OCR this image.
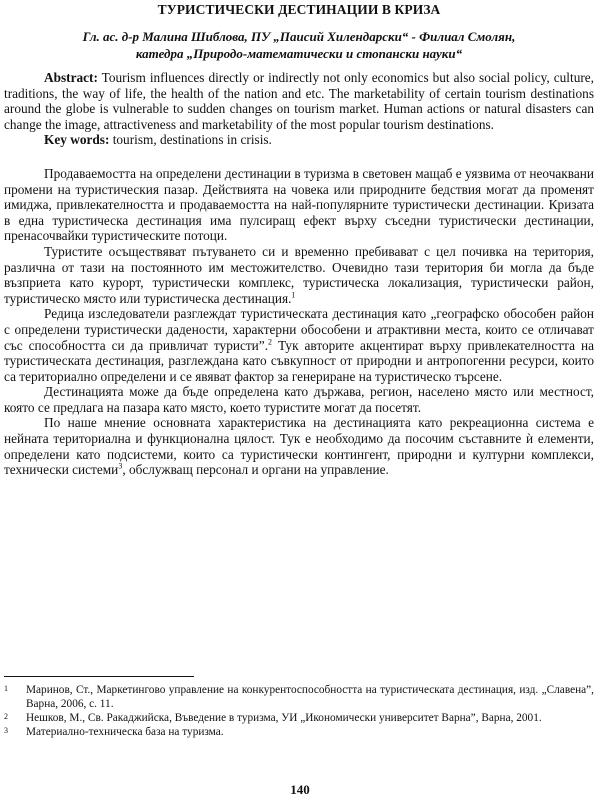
ТУРИСТИЧЕСКИ ДЕСТИНАЦИИ В КРИЗА
Гл. ас. д-р Малина Шиблова, ПУ „Паисий Хилендарски“ - Филиал Смолян,
катедра „Природо-математически и стопански науки“

Abstract: Tourism influences directly or indirectly not only economics but also social policy, culture, traditions, the way of life, the health of the nation and etc. The marketability of certain tourism destinations around the globe is vulnerable to sudden changes on tourism market. Human actions or natural disasters can change the image, attractiveness and marketability of the most popular tourism destinations.

Key words: tourism, destinations in crisis.

Продаваемостта на определени дестинации в туризма в световен мащаб е уязвима от неочаквани промени на туристическия пазар. Действията на човека или природните бедствия могат да променят имиджа, привлекателността и продаваемостта на най-популярните туристически дестинации. Кризата в една туристическа дестинация има пулсиращ ефект върху съседни туристически дестинации, пренасочвайки туристическите потоци.

Туристите осъществяват пътуването си и временно пребивават с цел почивка на територия, различна от тази на постоянното им местожителство. Очевидно тази територия би могла да бъде възприета като курорт, туристически комплекс, туристическа локализация, туристически район, туристическо място или туристическа дестинация.$^1$

Редица изследователи разглеждат туристическата дестинация като „географско обособен район с определени туристически дадености, характерни обособени и атрактивни места, които се отличават със способността си да привличат туристи”.$^2$ Тук авторите акцентират върху привлекателността на туристическата дестинация, разглеждана като съвкупност от природни и антропогенни ресурси, които са териториално определени и се явяват фактор за генериране на туристическо търсене.

Дестинацията може да бъде определена като държава, регион, населено място или местност, която се предлага на пазара като място, което туристите могат да посетят.

По наше мнение основната характеристика на дестинацията като рекреационна система е нейната териториална и функционална цялост. Тук е необходимо да посочим съставните ѝ елементи, определени като подсистеми, които са туристически контингент, природни и културни комплекси, технически системи$^3$, обслужващ персонал и органи на управление.

1 Маринов, Ст., Маркетингово управление на конкурентоспособността на туристическата дестинация, изд. „Славена”, Варна, 2006, с. 11.

2 Нешков, М., Св. Ракаджийска, Въведение в туризма, УИ „Икономически университет Варна”, Варна, 2001.

3 Материално-техническа база на туризма.

140
